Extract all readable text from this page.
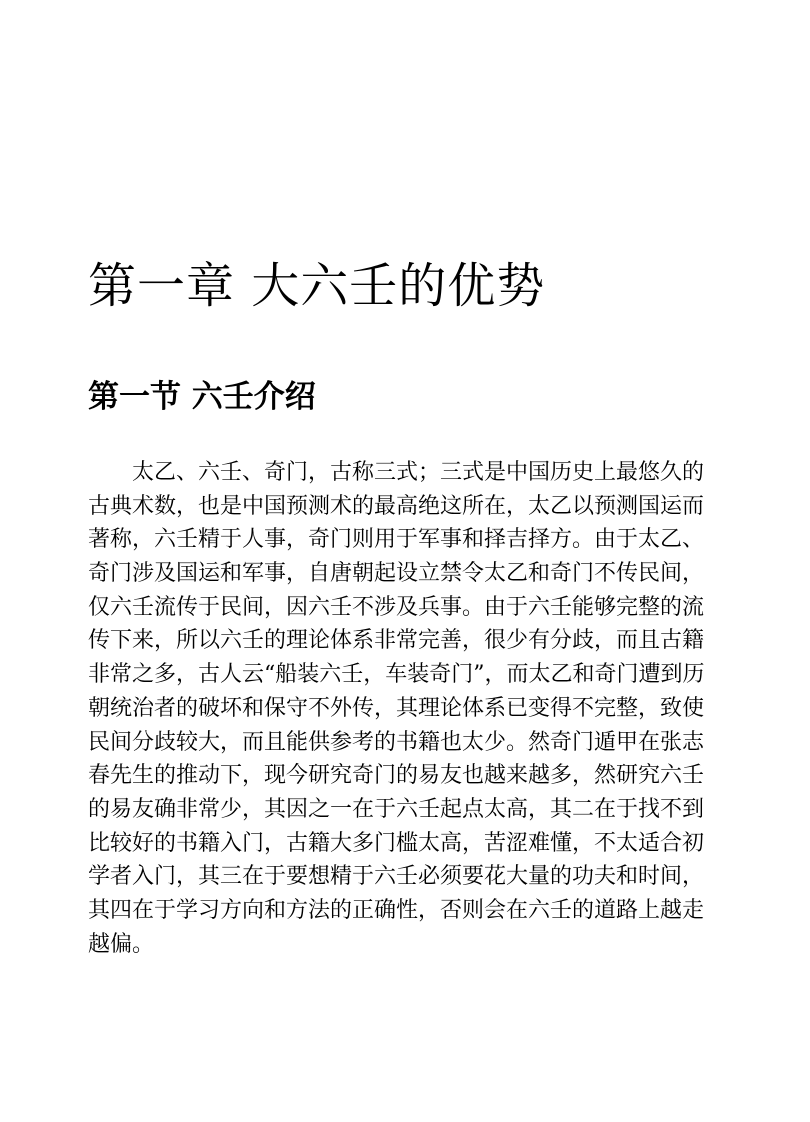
第一章 大六壬的优势
第一节 六壬介绍
太乙、六壬、奇门，古称三式；三式是中国历史上最悠久的
古典术数，也是中国预测术的最高绝这所在，太乙以预测国运而
著称，六壬精于人事，奇门则用于军事和择吉择方。由于太乙、
奇门涉及国运和军事，自唐朝起设立禁令太乙和奇门不传民间，
仅六壬流传于民间，因六壬不涉及兵事。由于六壬能够完整的流
传下来，所以六壬的理论体系非常完善，很少有分歧，而且古籍
非常之多，古人云“船装六壬，车装奇门”，而太乙和奇门遭到历
朝统治者的破坏和保守不外传，其理论体系已变得不完整，致使
民间分歧较大，而且能供参考的书籍也太少。然奇门遁甲在张志
春先生的推动下，现今研究奇门的易友也越来越多，然研究六壬
的易友确非常少，其因之一在于六壬起点太高，其二在于找不到
比较好的书籍入门，古籍大多门槛太高，苦涩难懂，不太适合初
学者入门，其三在于要想精于六壬必须要花大量的功夫和时间，
其四在于学习方向和方法的正确性，否则会在六壬的道路上越走
越偏。
